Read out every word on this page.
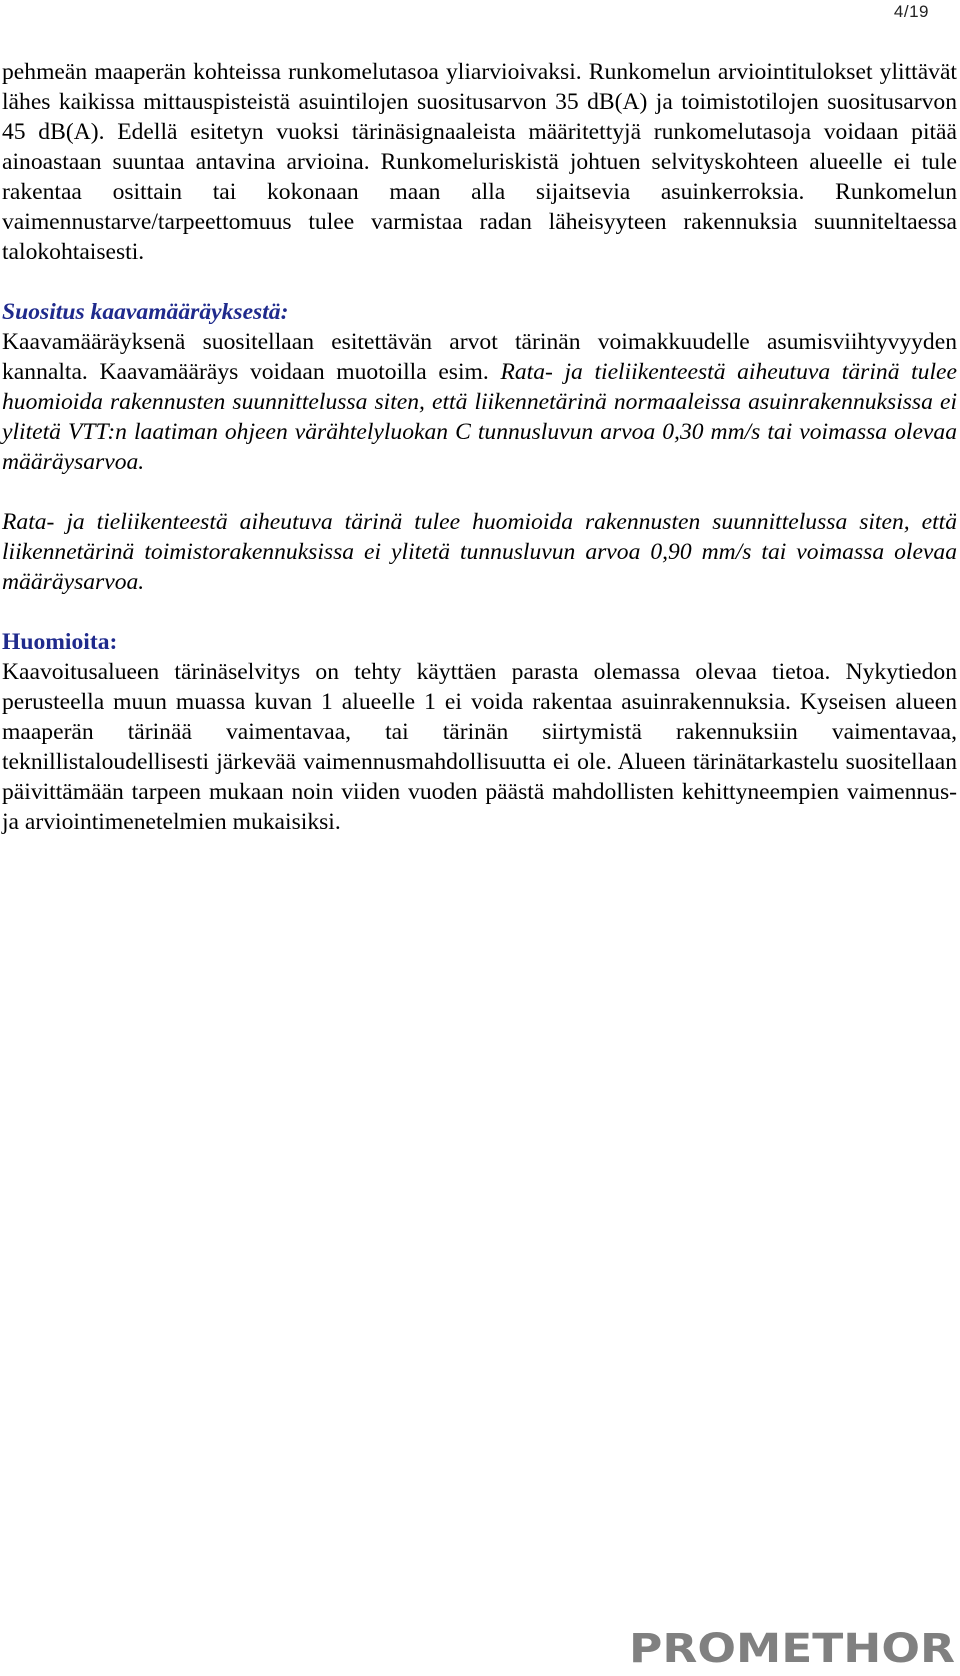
4/19

pehmeän maaperän kohteissa runkomelutasoa yliarvioivaksi. Runkomelun arviointitulokset ylittävät lähes kaikissa mittauspisteistä asuintilojen suositusarvon 35 dB(A) ja toimistotilojen suositusarvon 45 dB(A). Edellä esitetyn vuoksi tärinäsignaaleista määritettyjä runkomelutasoja voidaan pitää ainoastaan suuntaa antavina arvioina. Runkomeluriskistä johtuen selvityskohteen alueelle ei tule rakentaa osittain tai kokonaan maan alla sijaitsevia asuinkerroksia. Runkomelun vaimennustarve/tarpeettomuus tulee varmistaa radan läheisyyteen rakennuksia suunniteltaessa talokohtaisesti.

Suositus kaavamääräyksestä:

Kaavamääräyksenä suositellaan esitettävän arvot tärinän voimakkuudelle asumisviihtyvyyden kannalta. Kaavamääräys voidaan muotoilla esim. Rata- ja tieliikenteestä aiheutuva tärinä tulee huomioida rakennusten suunnittelussa siten, että liikennetärinä normaaleissa asuinrakennuksissa ei ylitetä VTT:n laatiman ohjeen värähtelyluokan C tunnusluvun arvoa 0,30 mm/s tai voimassa olevaa määräysarvoa.

Rata- ja tieliikenteestä aiheutuva tärinä tulee huomioida rakennusten suunnittelussa siten, että liikennetärinä toimistorakennuksissa ei ylitetä tunnusluvun arvoa 0,90 mm/s tai voimassa olevaa määräysarvoa.

Huomioita:

Kaavoitusalueen tärinäselvitys on tehty käyttäen parasta olemassa olevaa tietoa. Nykytiedon perusteella muun muassa kuvan 1 alueelle 1 ei voida rakentaa asuinrakennuksia. Kyseisen alueen maaperän tärinää vaimentavaa, tai tärinän siirtymistä rakennuksiin vaimentavaa, teknillistaloudellisesti järkevää vaimennusmahdollisuutta ei ole. Alueen tärinätarkastelu suositellaan päivittämään tarpeen mukaan noin viiden vuoden päästä mahdollisten kehittyneempien vaimennus- ja arviointimenetelmien mukaisiksi.

PROMETHOR
